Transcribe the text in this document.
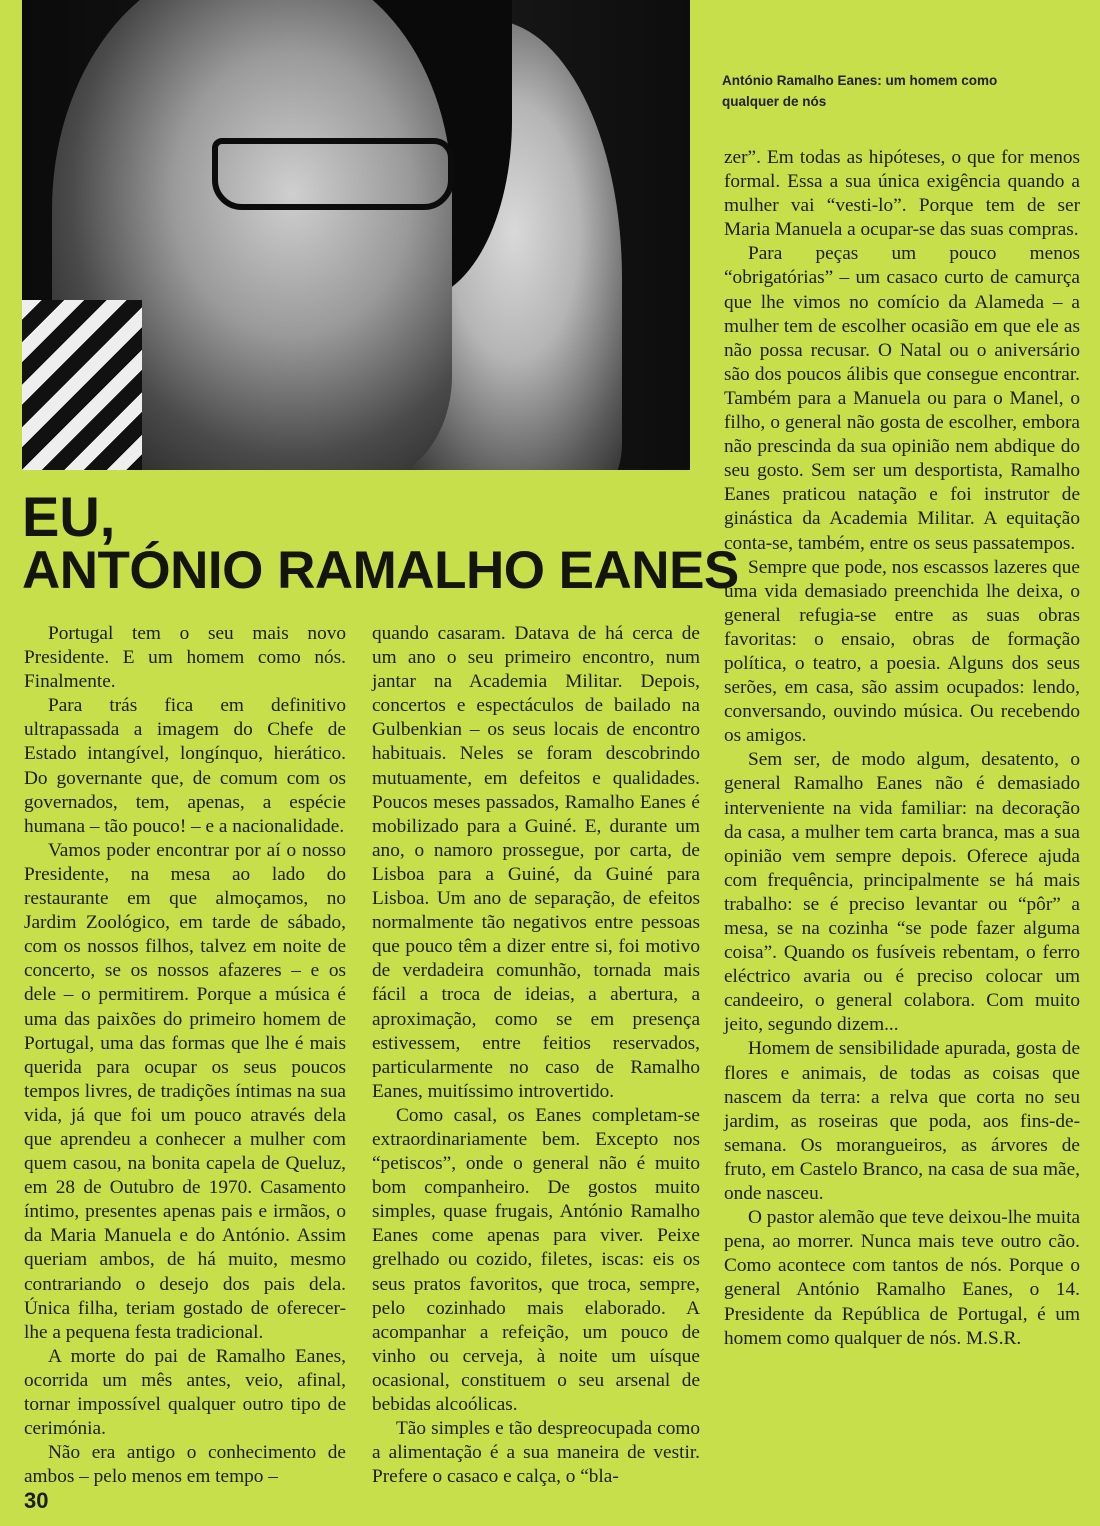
António Ramalho Eanes: um homem como qualquer de nós
EU,
ANTÓNIO RAMALHO EANES

Portugal tem o seu mais novo Presidente. E um homem como nós. Finalmente.

Para trás fica em definitivo ultrapassada a imagem do Chefe de Estado intangível, longínquo, hierático. Do governante que, de comum com os governados, tem, apenas, a espécie humana – tão pouco! – e a nacionalidade.

Vamos poder encontrar por aí o nosso Presidente, na mesa ao lado do restaurante em que almoçamos, no Jardim Zoológico, em tarde de sábado, com os nossos filhos, talvez em noite de concerto, se os nossos afazeres – e os dele – o permitirem. Porque a música é uma das paixões do primeiro homem de Portugal, uma das formas que lhe é mais querida para ocupar os seus poucos tempos livres, de tradições íntimas na sua vida, já que foi um pouco através dela que aprendeu a conhecer a mulher com quem casou, na bonita capela de Queluz, em 28 de Outubro de 1970. Casamento íntimo, presentes apenas pais e irmãos, o da Maria Manuela e do António. Assim queriam ambos, de há muito, mesmo contrariando o desejo dos pais dela. Única filha, teriam gostado de oferecer-lhe a pequena festa tradicional.

A morte do pai de Ramalho Eanes, ocorrida um mês antes, veio, afinal, tornar impossível qualquer outro tipo de cerimónia.

Não era antigo o conhecimento de ambos – pelo menos em tempo –

quando casaram. Datava de há cerca de um ano o seu primeiro encontro, num jantar na Academia Militar. Depois, concertos e espectáculos de bailado na Gulbenkian – os seus locais de encontro habituais. Neles se foram descobrindo mutuamente, em defeitos e qualidades. Poucos meses passados, Ramalho Eanes é mobilizado para a Guiné. E, durante um ano, o namoro prossegue, por carta, de Lisboa para a Guiné, da Guiné para Lisboa. Um ano de separação, de efeitos normalmente tão negativos entre pessoas que pouco têm a dizer entre si, foi motivo de verdadeira comunhão, tornada mais fácil a troca de ideias, a abertura, a aproximação, como se em presença estivessem, entre feitios reservados, particularmente no caso de Ramalho Eanes, muitíssimo introvertido.

Como casal, os Eanes completam-se extraordinariamente bem. Excepto nos “petiscos”, onde o general não é muito bom companheiro. De gostos muito simples, quase frugais, António Ramalho Eanes come apenas para viver. Peixe grelhado ou cozido, filetes, iscas: eis os seus pratos favoritos, que troca, sempre, pelo cozinhado mais elaborado. A acompanhar a refeição, um pouco de vinho ou cerveja, à noite um uísque ocasional, constituem o seu arsenal de bebidas alcoólicas.

Tão simples e tão despreocupada como a alimentação é a sua maneira de vestir. Prefere o casaco e calça, o “bla-

zer”. Em todas as hipóteses, o que for menos formal. Essa a sua única exigência quando a mulher vai “vesti-lo”. Porque tem de ser Maria Manuela a ocupar-se das suas compras.

Para peças um pouco menos “obrigatórias” – um casaco curto de camurça que lhe vimos no comício da Alameda – a mulher tem de escolher ocasião em que ele as não possa recusar. O Natal ou o aniversário são dos poucos álibis que consegue encontrar. Também para a Manuela ou para o Manel, o filho, o general não gosta de escolher, embora não prescinda da sua opinião nem abdique do seu gosto. Sem ser um desportista, Ramalho Eanes praticou natação e foi instrutor de ginástica da Academia Militar. A equitação conta-se, também, entre os seus passatempos.

Sempre que pode, nos escassos lazeres que uma vida demasiado preenchida lhe deixa, o general refugia-se entre as suas obras favoritas: o ensaio, obras de formação política, o teatro, a poesia. Alguns dos seus serões, em casa, são assim ocupados: lendo, conversando, ouvindo música. Ou recebendo os amigos.

Sem ser, de modo algum, desatento, o general Ramalho Eanes não é demasiado interveniente na vida familiar: na decoração da casa, a mulher tem carta branca, mas a sua opinião vem sempre depois. Oferece ajuda com frequência, principalmente se há mais trabalho: se é preciso levantar ou “pôr” a mesa, se na cozinha “se pode fazer alguma coisa”. Quando os fusíveis rebentam, o ferro eléctrico avaria ou é preciso colocar um candeeiro, o general colabora. Com muito jeito, segundo dizem...

Homem de sensibilidade apurada, gosta de flores e animais, de todas as coisas que nascem da terra: a relva que corta no seu jardim, as roseiras que poda, aos fins-de-semana. Os morangueiros, as árvores de fruto, em Castelo Branco, na casa de sua mãe, onde nasceu.

O pastor alemão que teve deixou-lhe muita pena, ao morrer. Nunca mais teve outro cão. Como acontece com tantos de nós. Porque o general António Ramalho Eanes, o 14. Presidente da República de Portugal, é um homem como qualquer de nós. M.S.R.

30
